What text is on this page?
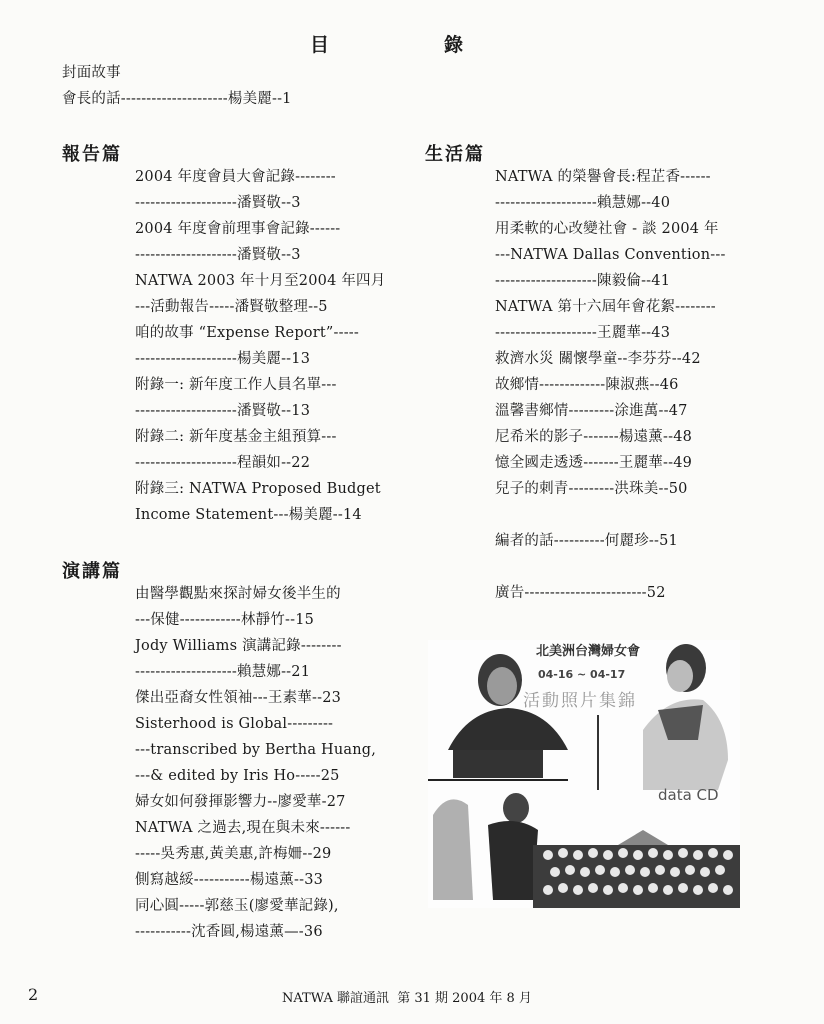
目	錄
封面故事
會長的話---------------------楊美麗--1
報告篇
2004 年度會員大會記錄--------
--------------------潘賢敬--3
2004 年度會前理事會記錄------
--------------------潘賢敬--3
NATWA 2003 年十月至2004 年四月
---活動報告-----潘賢敬整理--5
咱的故事 “Expense Report”-----
--------------------楊美麗--13
附錄一: 新年度工作人員名單---
--------------------潘賢敬--13
附錄二: 新年度基金主組預算---
--------------------程韻如--22
附錄三: NATWA Proposed Budget
Income Statement---楊美麗--14
演講篇
由醫學觀點來探討婦女後半生的
---保健------------林靜竹--15
Jody Williams 演講記錄--------
--------------------賴慧娜--21
傑出亞裔女性領袖---王素華--23
Sisterhood is Global---------
---transcribed by Bertha Huang,
---& edited by Iris Ho-----25
婦女如何發揮影響力--廖愛華-27
NATWA 之過去,現在與未來------
-----吳秀惠,黃美惠,許梅姍--29
側寫越綏-----------楊遠薰--33
同心圓-----郭慈玉(廖愛華記錄),
-----------沈香圓,楊遠薰—-36
生活篇
NATWA 的榮譽會長:程芷香------
--------------------賴慧娜--40
用柔軟的心改變社會 - 談 2004 年
---NATWA Dallas Convention---
--------------------陳毅倫--41
NATWA 第十六屆年會花絮--------
--------------------王麗華--43
救濟水災 關懷學童--李芬芬--42
故鄉情-------------陳淑燕--46
溫馨書鄉情---------涂進萬--47
尼希米的影子-------楊遠薰--48
憶全國走透透-------王麗華--49
兒子的刺青---------洪珠美--50
編者的話----------何麗珍--51
廣告------------------------52
北美洲台灣婦女會
04-16 ~ 04-17
活動照片集錦
data CD
2	NATWA 聯誼通訊  第 31 期 2004 年 8 月
